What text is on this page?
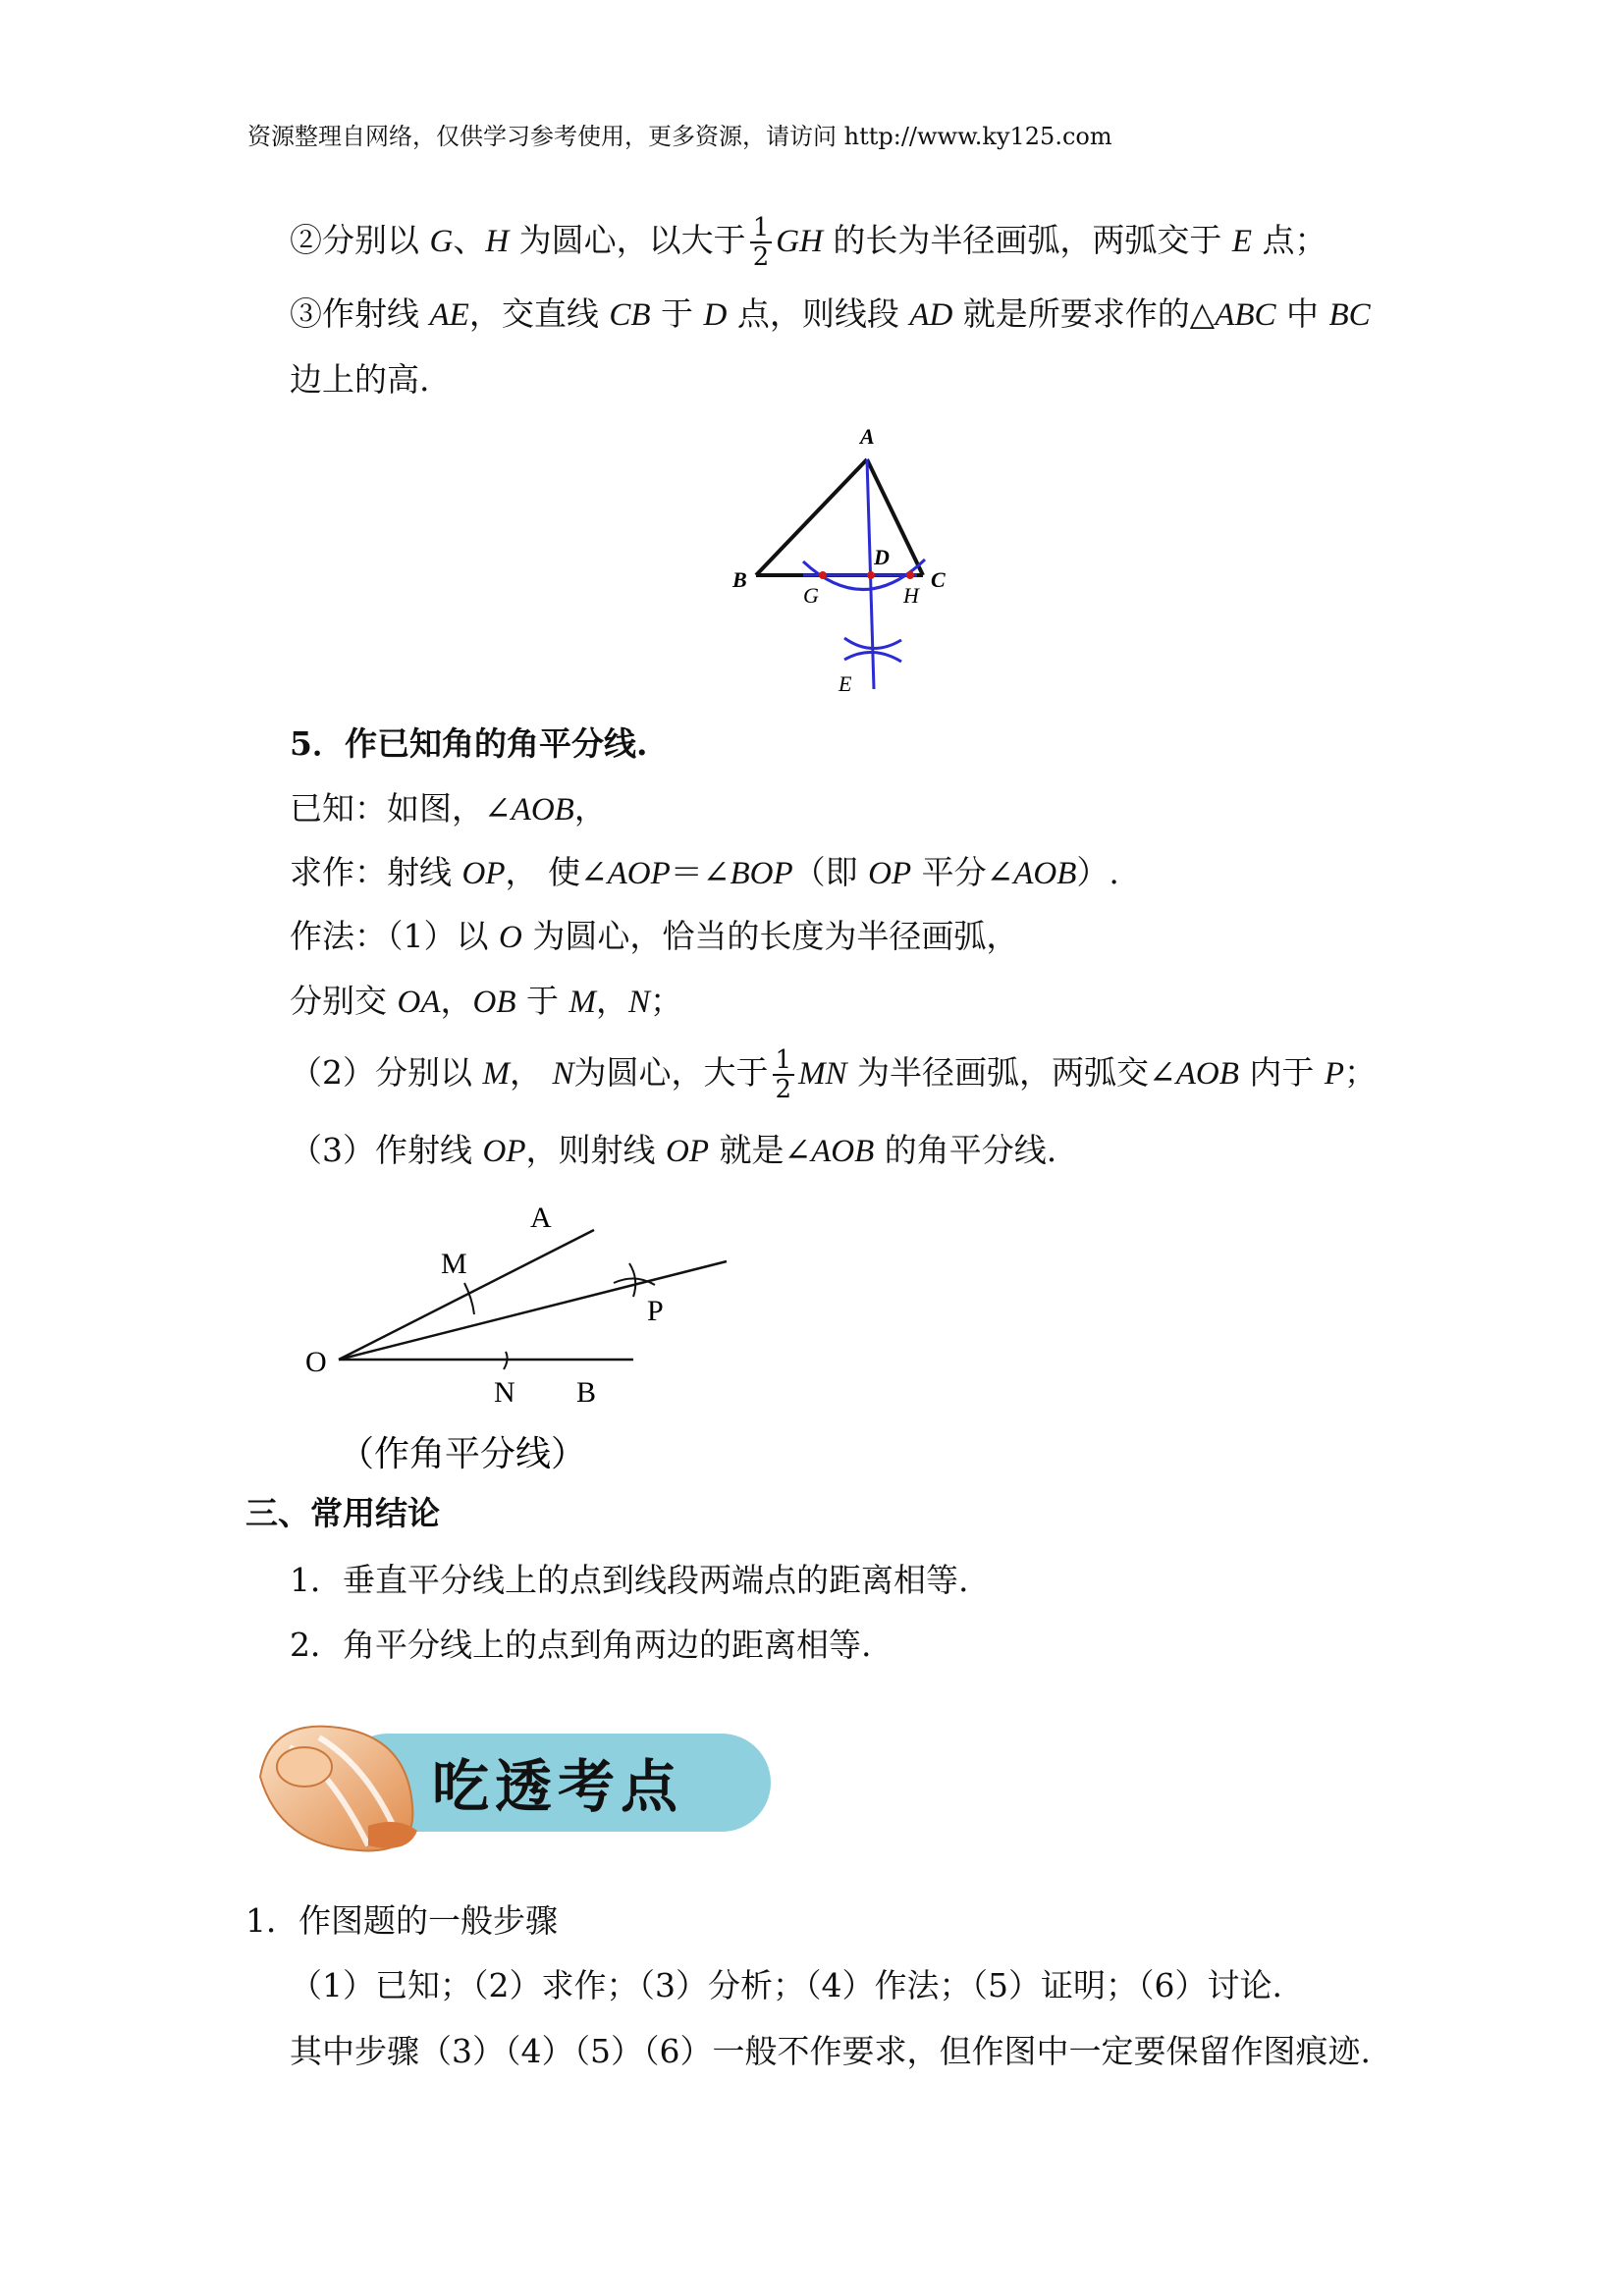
资源整理自网络，仅供学习参考使用，更多资源，请访问 http://www.ky125.com
②分别以 G、H 为圆心，以大于 $\frac{1}{2}$ GH 的长为半径画弧，两弧交于 E 点；
③作射线 AE，交直线 CB 于 D 点，则线段 AD 就是所要求作的△ABC 中 BC
边上的高.
A
B	C
D
G	H
E
5．作已知角的角平分线.
已知：如图，∠AOB，
求作：射线 OP， 使∠AOP＝∠BOP（即 OP 平分∠AOB）.
作法：（1）以 O 为圆心，恰当的长度为半径画弧，
分别交 OA，OB 于 M，N；
（2）分别以 M， N为圆心，大于 $\frac{1}{2}$ MN 为半径画弧，两弧交∠AOB 内于 P；
（3）作射线 OP，则射线 OP 就是∠AOB 的角平分线.
A
M
P
O
N B
（作角平分线）
三、常用结论
1．垂直平分线上的点到线段两端点的距离相等.
2．角平分线上的点到角两边的距离相等.
吃透考点
1．作图题的一般步骤
（1）已知；（2）求作；（3）分析；（4）作法；（5）证明；（6）讨论.
其中步骤（3）（4）（5）（6）一般不作要求，但作图中一定要保留作图痕迹.
